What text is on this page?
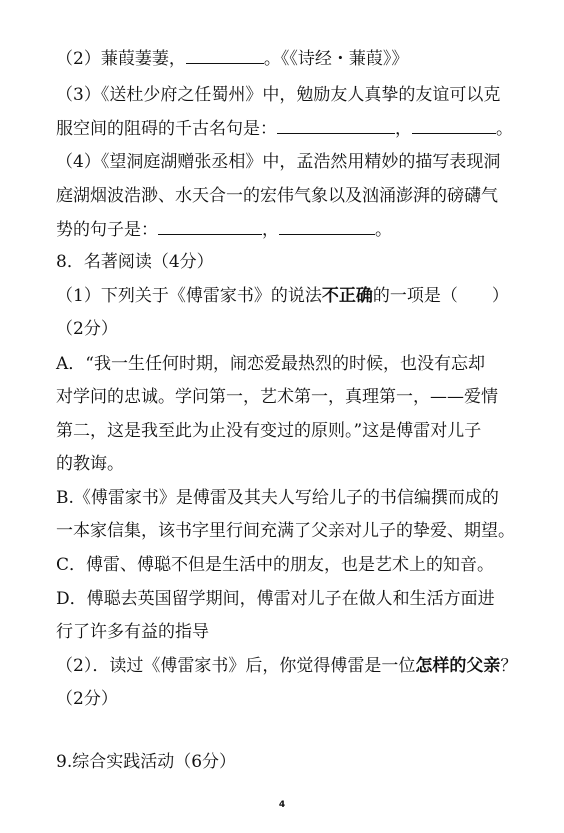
（2）蒹葭萋萋，	。《《诗经・蒹葭》》
（3）《送杜少府之任蜀州》中，勉励友人真挚的友谊可以克
服空间的阻碍的千古名句是：	，	。
（4）《望洞庭湖赠张丞相》中，孟浩然用精妙的描写表现洞
庭湖烟波浩渺、水天合一的宏伟气象以及汹涌澎湃的磅礴气
势的句子是：	，	。
8．名著阅读（4分）
（1）下列关于《傅雷家书》的说法不正确的一项是（ ）
（2分）
A．“我一生任何时期，闹恋爱最热烈的时候，也没有忘却
对学问的忠诚。学问第一，艺术第一，真理第一，——爱情
第二，这是我至此为止没有变过的原则。”这是傅雷对儿子
的教诲。
B.《傅雷家书》是傅雷及其夫人写给儿子的书信编撰而成的
一本家信集，该书字里行间充满了父亲对儿子的挚爱、期望。
C．傅雷、傅聪不但是生活中的朋友，也是艺术上的知音。
D．傅聪去英国留学期间，傅雷对儿子在做人和生活方面进
行了许多有益的指导
（2）．读过《傅雷家书》后，你觉得傅雷是一位怎样的父亲？
（2分）
9.综合实践活动（6分）
4
